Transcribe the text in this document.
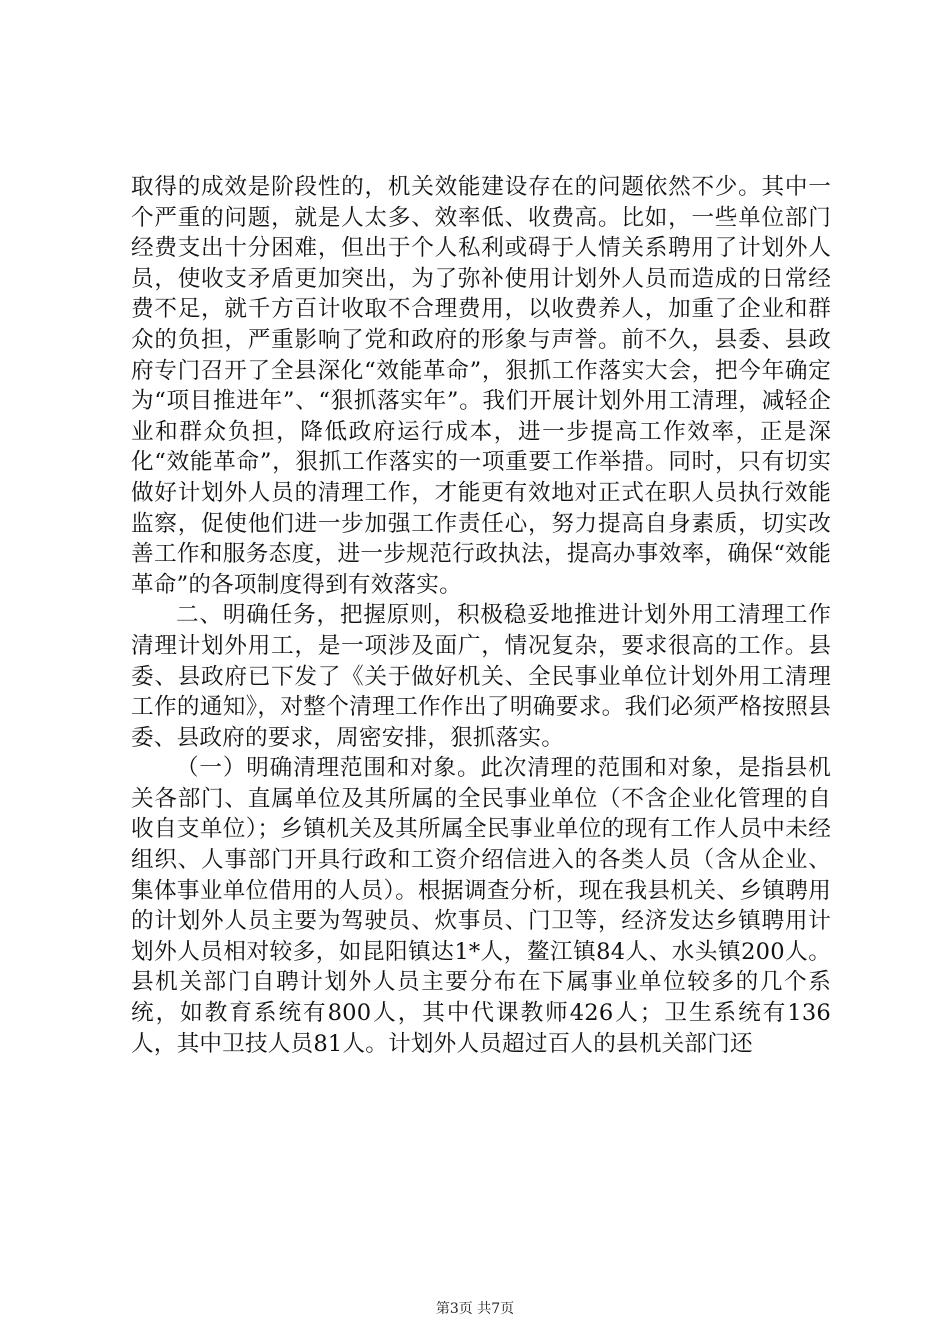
取得的成效是阶段性的，机关效能建设存在的问题依然不少。其中一个严重的问题，就是人太多、效率低、收费高。比如，一些单位部门经费支出十分困难，但出于个人私利或碍于人情关系聘用了计划外人员，使收支矛盾更加突出，为了弥补使用计划外人员而造成的日常经费不足，就千方百计收取不合理费用，以收费养人，加重了企业和群众的负担，严重影响了党和政府的形象与声誉。前不久，县委、县政府专门召开了全县深化“效能革命”，狠抓工作落实大会，把今年确定为“项目推进年”、“狠抓落实年”。我们开展计划外用工清理，减轻企业和群众负担，降低政府运行成本，进一步提高工作效率，正是深化“效能革命”，狠抓工作落实的一项重要工作举措。同时，只有切实做好计划外人员的清理工作，才能更有效地对正式在职人员执行效能监察，促使他们进一步加强工作责任心，努力提高自身素质，切实改善工作和服务态度，进一步规范行政执法，提高办事效率，确保“效能革命”的各项制度得到有效落实。

二、明确任务，把握原则，积极稳妥地推进计划外用工清理工作清理计划外用工，是一项涉及面广，情况复杂，要求很高的工作。县委、县政府已下发了《关于做好机关、全民事业单位计划外用工清理工作的通知》，对整个清理工作作出了明确要求。我们必须严格按照县委、县政府的要求，周密安排，狠抓落实。

（一）明确清理范围和对象。此次清理的范围和对象，是指县机关各部门、直属单位及其所属的全民事业单位（不含企业化管理的自收自支单位）；乡镇机关及其所属全民事业单位的现有工作人员中未经组织、人事部门开具行政和工资介绍信进入的各类人员（含从企业、集体事业单位借用的人员）。根据调查分析，现在我县机关、乡镇聘用的计划外人员主要为驾驶员、炊事员、门卫等，经济发达乡镇聘用计划外人员相对较多，如昆阳镇达1*人，鳌江镇84人、水头镇200人。县机关部门自聘计划外人员主要分布在下属事业单位较多的几个系统，如教育系统有800人，其中代课教师426人；卫生系统有136人，其中卫技人员81人。计划外人员超过百人的县机关部门还

第3页 共7页
